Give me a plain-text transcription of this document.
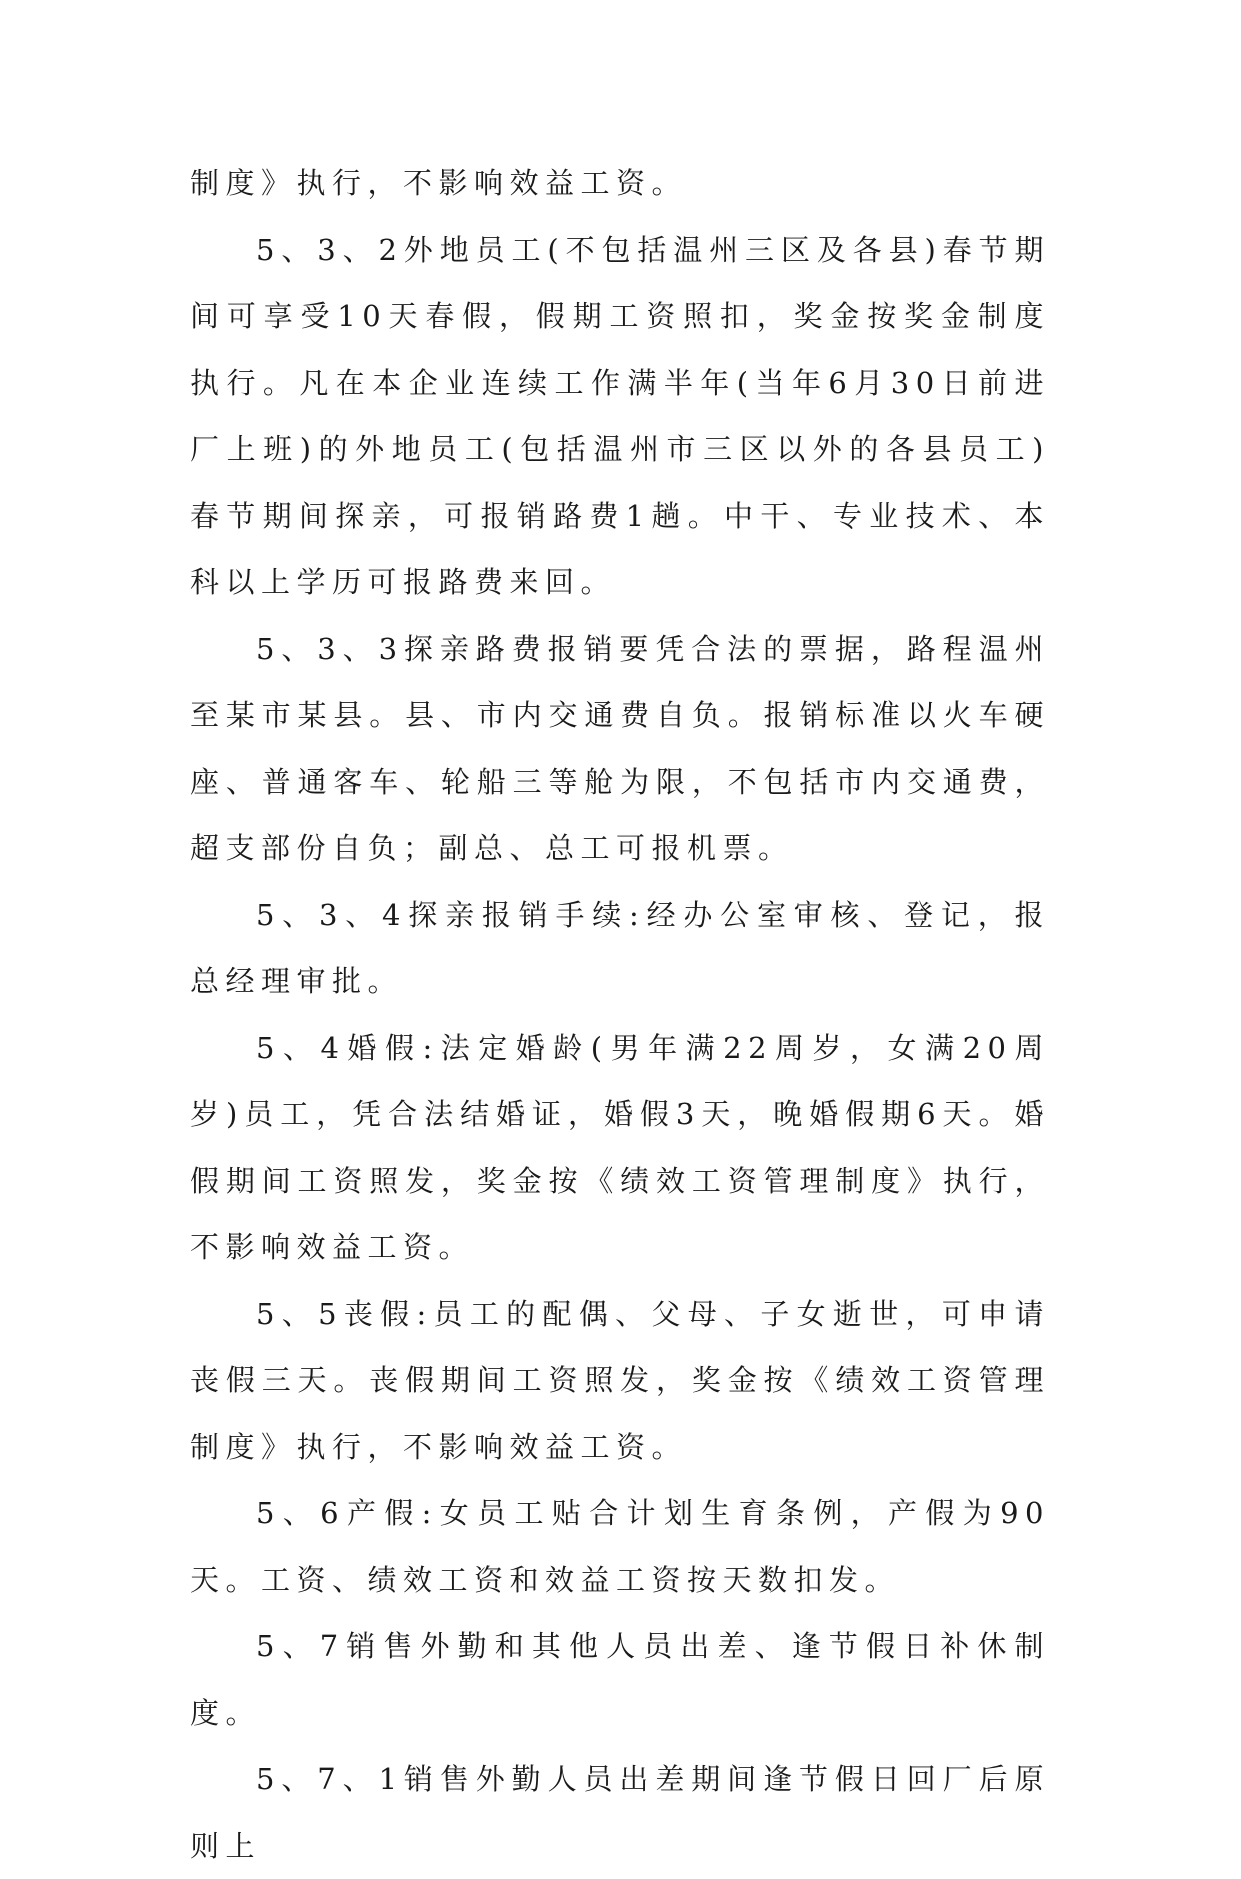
制度》执行，不影响效益工资。

5、3、2外地员工(不包括温州三区及各县)春节期间可享受10天春假，假期工资照扣，奖金按奖金制度执行。凡在本企业连续工作满半年(当年6月30日前进厂上班)的外地员工(包括温州市三区以外的各县员工)春节期间探亲，可报销路费1趟。中干、专业技术、本科以上学历可报路费来回。

5、3、3探亲路费报销要凭合法的票据，路程温州至某市某县。县、市内交通费自负。报销标准以火车硬座、普通客车、轮船三等舱为限，不包括市内交通费，超支部份自负；副总、总工可报机票。

5、3、4探亲报销手续:经办公室审核、登记，报总经理审批。

5、4婚假:法定婚龄(男年满22周岁，女满20周岁)员工，凭合法结婚证，婚假3天，晚婚假期6天。婚假期间工资照发，奖金按《绩效工资管理制度》执行，不影响效益工资。

5、5丧假:员工的配偶、父母、子女逝世，可申请丧假三天。丧假期间工资照发，奖金按《绩效工资管理制度》执行，不影响效益工资。

5、6产假:女员工贴合计划生育条例，产假为90天。工资、绩效工资和效益工资按天数扣发。

5、7销售外勤和其他人员出差、逢节假日补休制度。

5、7、1销售外勤人员出差期间逢节假日回厂后原则上
